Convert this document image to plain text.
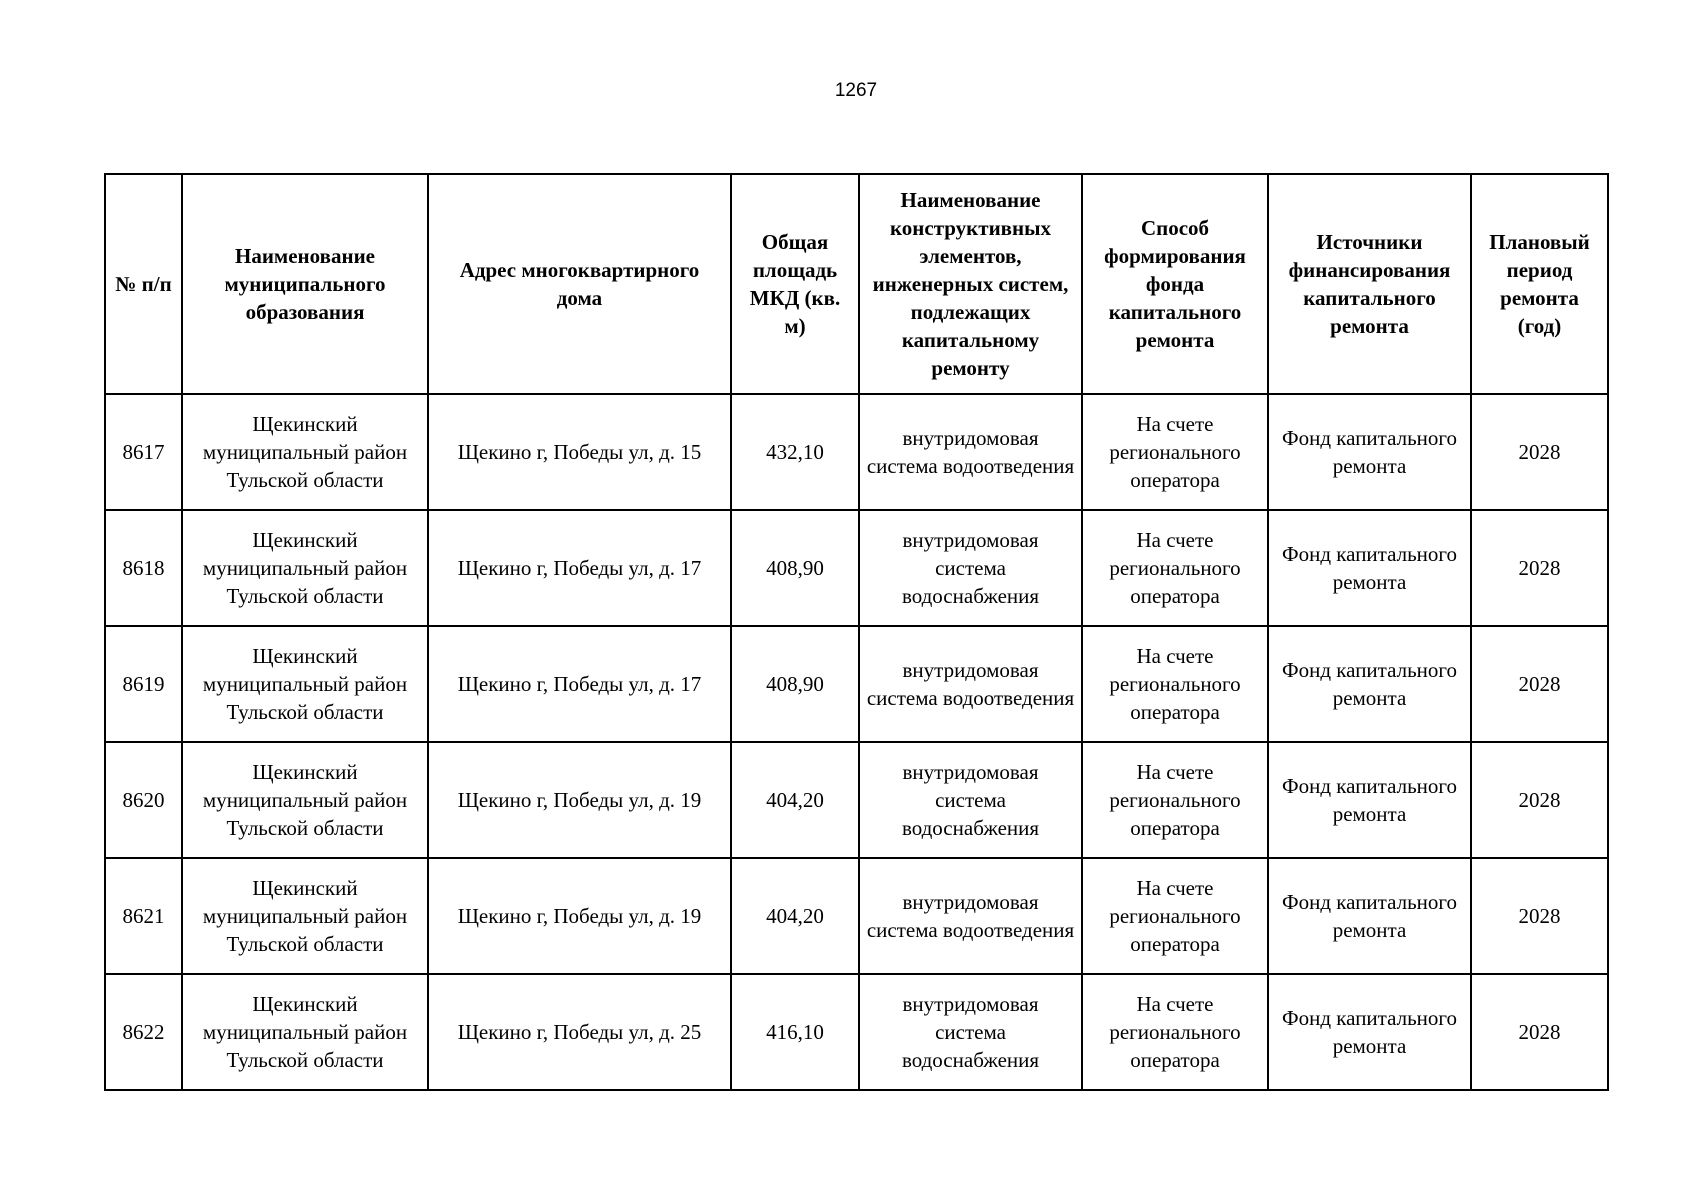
1267
№ п/п	Наименование муниципального образования	Адрес многоквартирного дома	Общая площадь МКД (кв. м)	Наименование конструктивных элементов, инженерных систем, подлежащих капитальному ремонту	Способ формирования фонда капитального ремонта	Источники финансирования капитального ремонта	Плановый период ремонта (год)
8617	Щекинский муниципальный район Тульской области	Щекино г, Победы ул, д. 15	432,10	внутридомовая система водоотведения	На счете регионального оператора	Фонд капитального ремонта	2028
8618	Щекинский муниципальный район Тульской области	Щекино г, Победы ул, д. 17	408,90	внутридомовая система водоснабжения	На счете регионального оператора	Фонд капитального ремонта	2028
8619	Щекинский муниципальный район Тульской области	Щекино г, Победы ул, д. 17	408,90	внутридомовая система водоотведения	На счете регионального оператора	Фонд капитального ремонта	2028
8620	Щекинский муниципальный район Тульской области	Щекино г, Победы ул, д. 19	404,20	внутридомовая система водоснабжения	На счете регионального оператора	Фонд капитального ремонта	2028
8621	Щекинский муниципальный район Тульской области	Щекино г, Победы ул, д. 19	404,20	внутридомовая система водоотведения	На счете регионального оператора	Фонд капитального ремонта	2028
8622	Щекинский муниципальный район Тульской области	Щекино г, Победы ул, д. 25	416,10	внутридомовая система водоснабжения	На счете регионального оператора	Фонд капитального ремонта	2028
